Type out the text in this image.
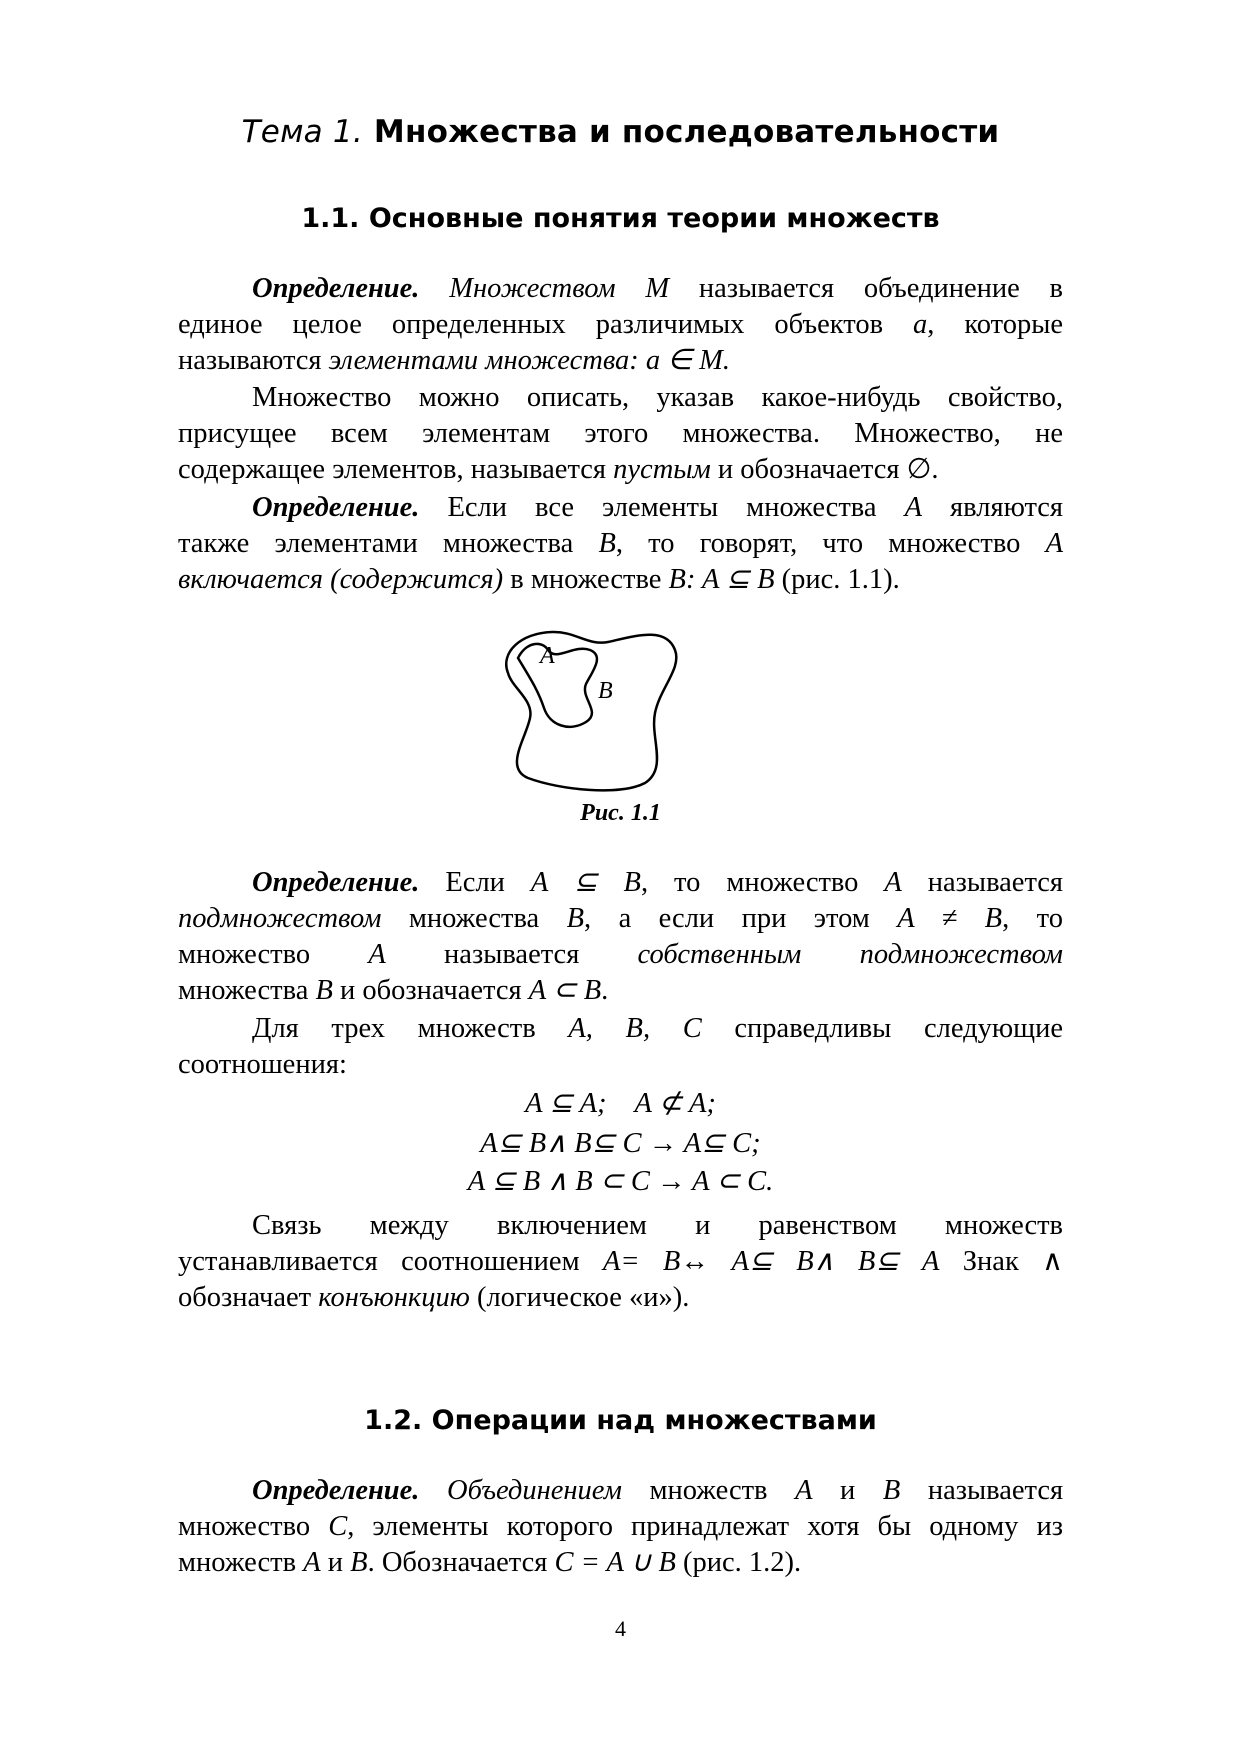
Тема 1. Множества и последовательности
1.1. Основные понятия теории множеств
Определение. Множеством M называется объединение в
единое целое определенных различимых объектов a, которые
называются элементами множества: a ∈ M.
Множество можно описать, указав какое-нибудь свойство,
присущее всем элементам этого множества. Множество, не
содержащее элементов, называется пустым и обозначается ∅.
Определение. Если все элементы множества A являются
также элементами множества B, то говорят, что множество A
включается (содержится) в множестве B: A ⊆ B (рис. 1.1).
A
B
Рис. 1.1
Определение. Если A ⊆ B, то множество A называется
подмножеством множества B, а если при этом A ≠ B, то
множество A называется собственным подмножеством
множества B и обозначается A ⊂ B.
Для трех множеств A, B, C справедливы следующие
соотношения:
A ⊆ A;    A ⊄ A;
A⊆ B∧ B⊆ C → A⊆ C;
A ⊆ B ∧ B ⊂ C → A ⊂ C.
Связь между включением и равенством множеств
устанавливается соотношением A= B↔ A⊆ B∧ B⊆ A Знак ∧
обозначает конъюнкцию (логическое «и»).
1.2. Операции над множествами
Определение. Объединением множеств A и B называется
множество C, элементы которого принадлежат хотя бы одному из
множеств A и B. Обозначается C = A ∪ B (рис. 1.2).
4
